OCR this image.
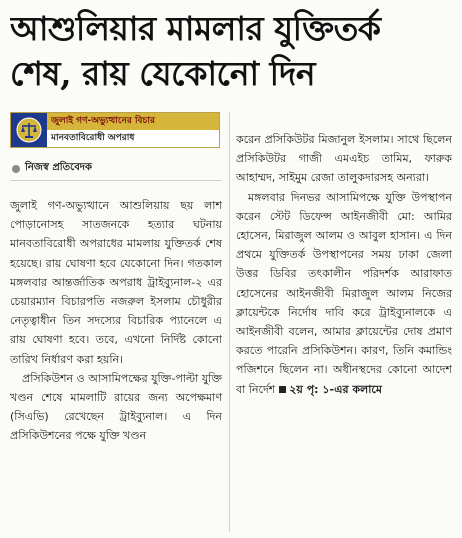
আশুলিয়ার মামলার যুক্তিতর্ক
শেষ, রায় যেকোনো দিন
জুলাই গণ-অভ্যুত্থানের বিচার
মানবতাবিরোধী অপরাধ
নিজস্ব প্রতিবেদক

জুলাই গণ-অভ্যুত্থানে আশুলিয়ায় ছয় লাশ পোড়ানোসহ সাতজনকে হত্যার ঘটনায় মানবতাবিরোধী অপরাধের মামলায় যুক্তিতর্ক শেষ হয়েছে। রায় ঘোষণা হবে যেকোনো দিন। গতকাল মঙ্গলবার আন্তর্জাতিক অপরাধ ট্রাইব্যুনাল-২ এর চেয়ারম্যান বিচারপতি নজরুল ইসলাম চৌধুরীর নেতৃত্বাধীন তিন সদস্যের বিচারিক প্যানেলে এ রায় ঘোষণা হবে। তবে, এখনো নির্দিষ্ট কোনো তারিখ নির্ধারণ করা হয়নি।

প্রসিকিউশন ও আসামিপক্ষের যুক্তি-পাল্টা যুক্তি খণ্ডন শেষে মামলাটি রায়ের জন্য অপেক্ষমাণ (সিএভি) রেখেছেন ট্রাইব্যুনাল। এ দিন প্রসিকিউশনের পক্ষে যুক্তি খণ্ডন

করেন প্রসিকিউটর মিজানুল ইসলাম। সাথে ছিলেন প্রসিকিউটর গাজী এমএইচ তামিম, ফারুক আহাম্মদ, সাইমুম রেজা তালুকদারসহ অন্যরা।

মঙ্গলবার দিনভর আসামিপক্ষে যুক্তি উপস্থাপন করেন স্টেট ডিফেন্স আইনজীবী মো: আমির হোসেন, মিরাজুল আলম ও আবুল হাসান। এ দিন প্রথমে যুক্তিতর্ক উপস্থাপনের সময় ঢাকা জেলা উত্তর ডিবির তৎকালীন পরিদর্শক আরাফাত হোসেনের আইনজীবী মিরাজুল আলম নিজের ক্লায়েন্টকে নির্দোষ দাবি করে ট্রাইব্যুনালকে এ আইনজীবী বলেন, আমার ক্লায়েন্টের দোষ প্রমাণ করতে পারেনি প্রসিকিউশন। কারণ, তিনি কমান্ডিং পজিশনে ছিলেন না। অধীনস্থদের কোনো আদেশ বা নির্দেশ ২য় পৃ: ১-এর কলামে
